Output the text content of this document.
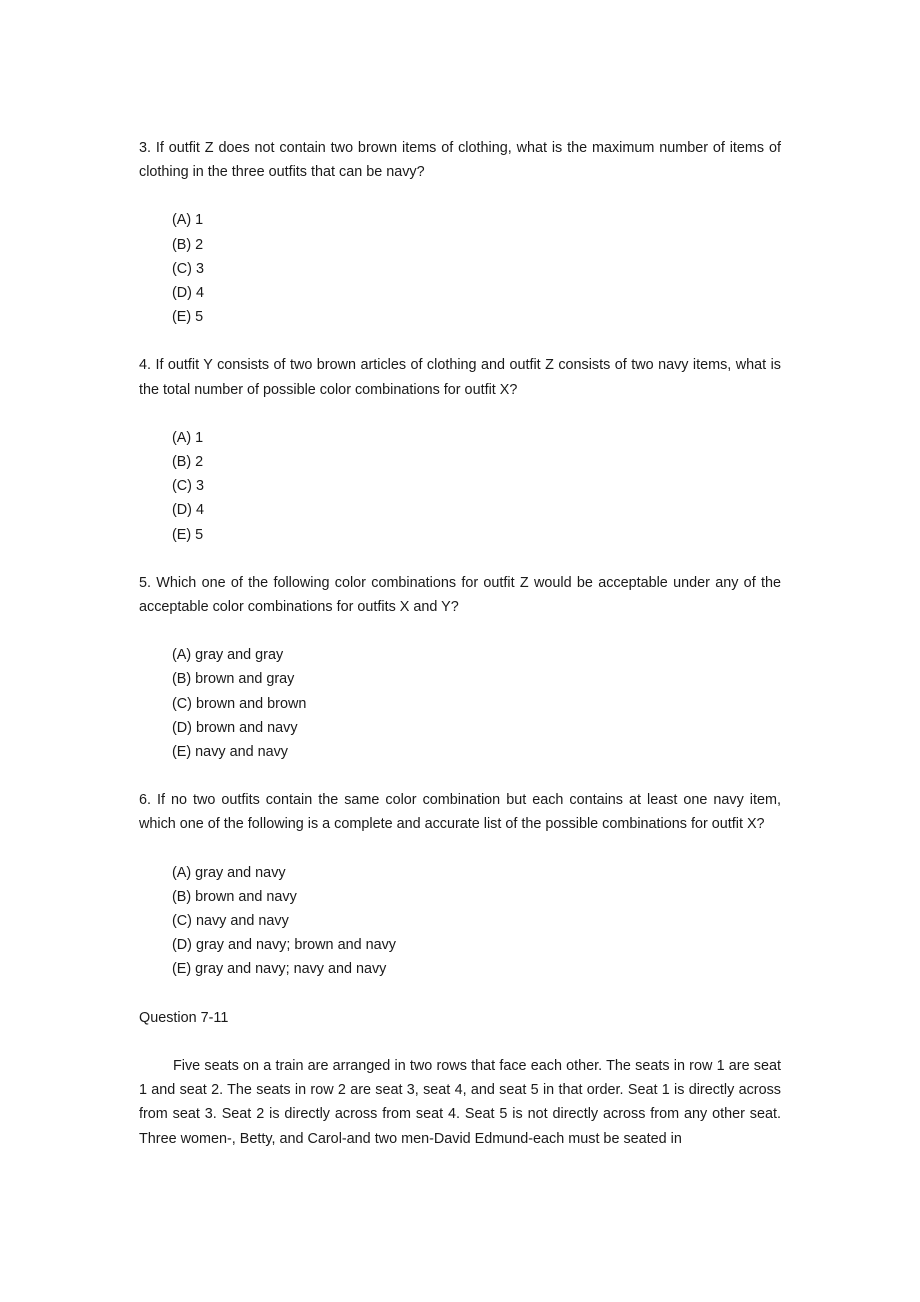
3. If outfit Z does not contain two brown items of clothing, what is the maximum number of items of clothing in the three outfits that can be navy?

(A) 1
(B) 2
(C) 3
(D) 4
(E) 5

4. If outfit Y consists of two brown articles of clothing and outfit Z consists of two navy items, what is the total number of possible color combinations for outfit X?

(A) 1
(B) 2
(C) 3
(D) 4
(E) 5

5. Which one of the following color combinations for outfit Z would be acceptable under any of the acceptable color combinations for outfits X and Y?

(A) gray and gray
(B) brown and gray
(C) brown and brown
(D) brown and navy
(E) navy and navy

6. If no two outfits contain the same color combination but each contains at least one navy item, which one of the following is a complete and accurate list of the possible combinations for outfit X?

(A) gray and navy
(B) brown and navy
(C) navy and navy
(D) gray and navy; brown and navy
(E) gray and navy; navy and navy

Question 7-11

Five seats on a train are arranged in two rows that face each other. The seats in row 1 are seat 1 and seat 2. The seats in row 2 are seat 3, seat 4, and seat 5 in that order. Seat 1 is directly across from seat 3. Seat 2 is directly across from seat 4. Seat 5 is not directly across from any other seat. Three women-, Betty, and Carol-and two men-David Edmund-each must be seated in
